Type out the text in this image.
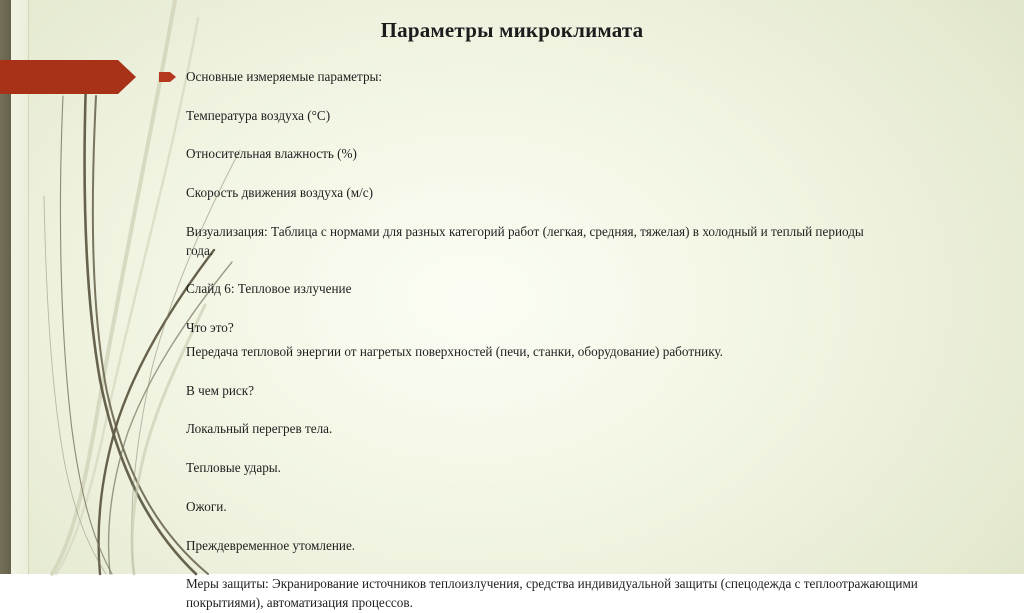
Параметры микроклимата

Основные измеряемые параметры:

Температура воздуха (°C)

Относительная влажность (%)

Скорость движения воздуха (м/с)

Визуализация: Таблица с нормами для разных категорий работ (легкая, средняя, тяжелая) в холодный и теплый периоды года.

Слайд 6: Тепловое излучение

Что это?

Передача тепловой энергии от нагретых поверхностей (печи, станки, оборудование) работнику.

В чем риск?

Локальный перегрев тела.

Тепловые удары.

Ожоги.

Преждевременное утомление.

Меры защиты: Экранирование источников теплоизлучения, средства индивидуальной защиты (спецодежда с теплоотражающими покрытиями), автоматизация процессов.
